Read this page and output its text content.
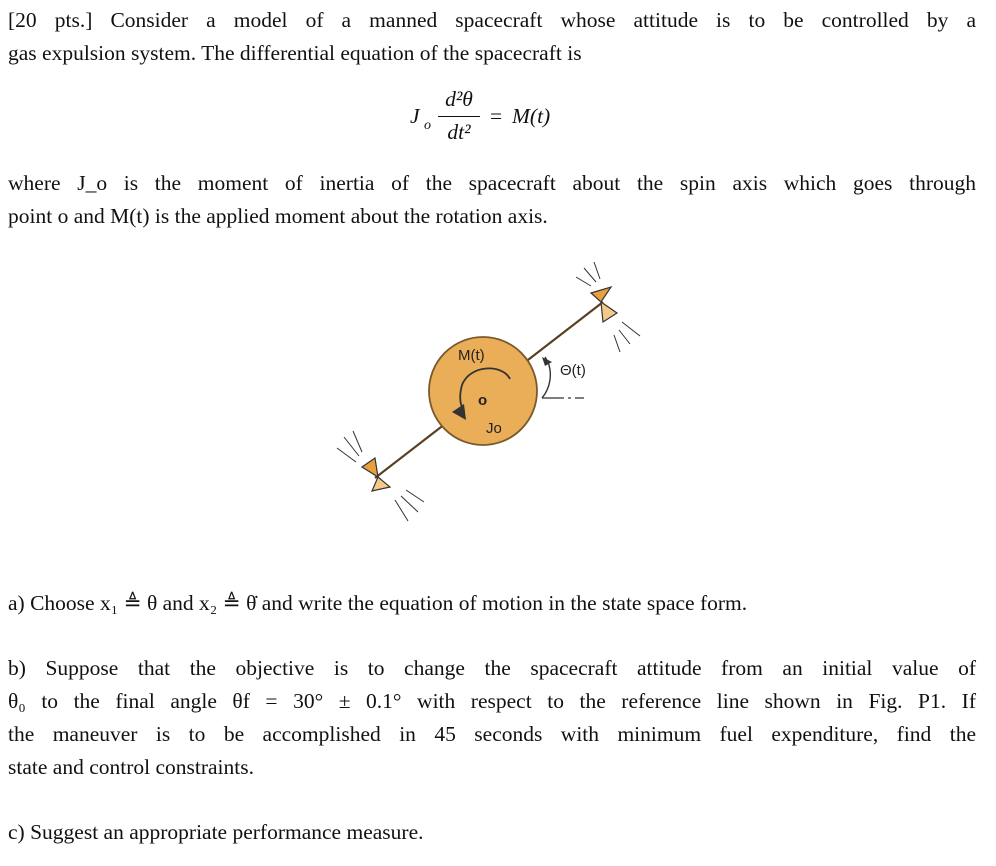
[20 pts.] Consider a model of a manned spacecraft whose attitude is to be controlled by a
gas expulsion system. The differential equation of the spacecraft is
J o
d²θ
dt²
= M(t)
where J_o is the moment of inertia of the spacecraft about the spin axis which goes through
point o and M(t) is the applied moment about the rotation axis.
M(t)
o
Jo
Θ(t)
a) Choose x₁ ≜ θ and x₂ ≜ θ̇ and write the equation of motion in the state space form.
b) Suppose that the objective is to change the spacecraft attitude from an initial value of
θ₀ to the final angle θf = 30° ± 0.1° with respect to the reference line shown in Fig. P1. If
the maneuver is to be accomplished in 45 seconds with minimum fuel expenditure, find the
state and control constraints.
c) Suggest an appropriate performance measure.
